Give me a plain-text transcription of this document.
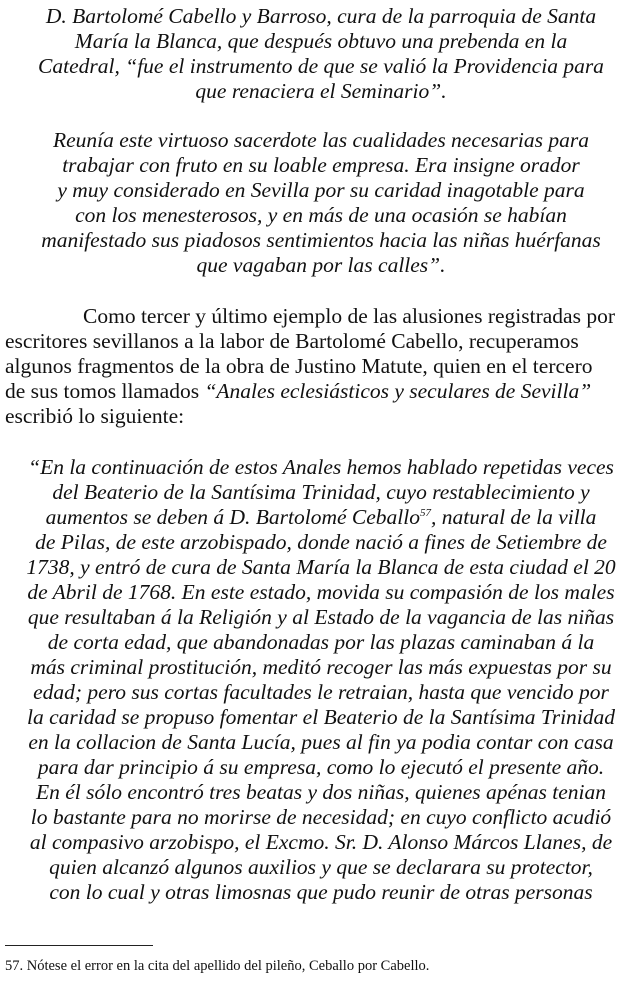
D. Bartolomé Cabello y Barroso, cura de la parroquia de Santa
María la Blanca, que después obtuvo una prebenda en la
Catedral, “fue el instrumento de que se valió la Providencia para
que renaciera el Seminario”.

Reunía este virtuoso sacerdote las cualidades necesarias para
trabajar con fruto en su loable empresa. Era insigne orador
y muy considerado en Sevilla por su caridad inagotable para
con los menesterosos, y en más de una ocasión se habían
manifestado sus piadosos sentimientos hacia las niñas huérfanas
que vagaban por las calles”.

Como tercer y último ejemplo de las alusiones registradas por
escritores sevillanos a la labor de Bartolomé Cabello, recuperamos
algunos fragmentos de la obra de Justino Matute, quien en el tercero
de sus tomos llamados “Anales eclesiásticos y seculares de Sevilla”
escribió lo siguiente:

“En la continuación de estos Anales hemos hablado repetidas veces
del Beaterio de la Santísima Trinidad, cuyo restablecimiento y
aumentos se deben á D. Bartolomé Ceballo$^{57}$, natural de la villa
de Pilas, de este arzobispado, donde nació a fines de Setiembre de
1738, y entró de cura de Santa María la Blanca de esta ciudad el 20
de Abril de 1768. En este estado, movida su compasión de los males
que resultaban á la Religión y al Estado de la vagancia de las niñas
de corta edad, que abandonadas por las plazas caminaban á la
más criminal prostitución, meditó recoger las más expuestas por su
edad; pero sus cortas facultades le retraian, hasta que vencido por
la caridad se propuso fomentar el Beaterio de la Santísima Trinidad
en la collacion de Santa Lucía, pues al fin ya podia contar con casa
para dar principio á su empresa, como lo ejecutó el presente año.
En él sólo encontró tres beatas y dos niñas, quienes apénas tenian
lo bastante para no morirse de necesidad; en cuyo conflicto acudió
al compasivo arzobispo, el Excmo. Sr. D. Alonso Márcos Llanes, de
quien alcanzó algunos auxilios y que se declarara su protector,
con lo cual y otras limosnas que pudo reunir de otras personas

57. Nótese el error en la cita del apellido del pileño, Ceballo por Cabello.
